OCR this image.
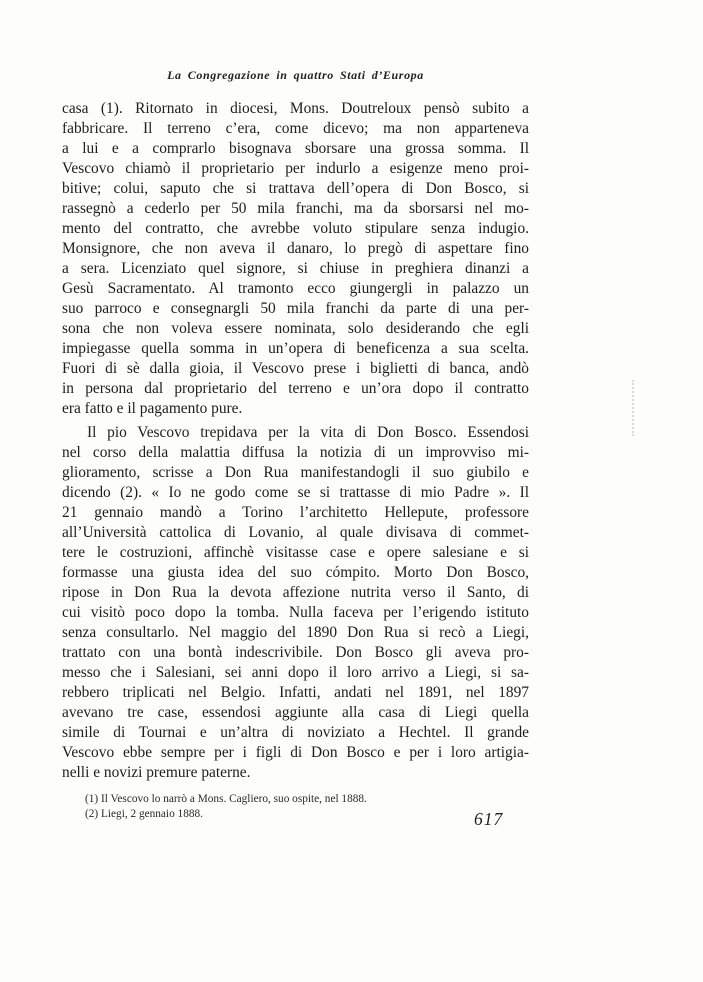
La Congregazione in quattro Stati d’Europa
casa (1). Ritornato in diocesi, Mons. Doutreloux pensò subito a
fabbricare. Il terreno c’era, come dicevo; ma non apparteneva
a lui e a comprarlo bisognava sborsare una grossa somma. Il
Vescovo chiamò il proprietario per indurlo a esigenze meno proi-
bitive; colui, saputo che si trattava dell’opera di Don Bosco, si
rassegnò a cederlo per 50 mila franchi, ma da sborsarsi nel mo-
mento del contratto, che avrebbe voluto stipulare senza indugio.
Monsignore, che non aveva il danaro, lo pregò di aspettare fino
a sera. Licenziato quel signore, si chiuse in preghiera dinanzi a
Gesù Sacramentato. Al tramonto ecco giungergli in palazzo un
suo parroco e consegnargli 50 mila franchi da parte di una per-
sona che non voleva essere nominata, solo desiderando che egli
impiegasse quella somma in un’opera di beneficenza a sua scelta.
Fuori di sè dalla gioia, il Vescovo prese i biglietti di banca, andò
in persona dal proprietario del terreno e un’ora dopo il contratto
era fatto e il pagamento pure.
Il pio Vescovo trepidava per la vita di Don Bosco. Essendosi
nel corso della malattia diffusa la notizia di un improvviso mi-
glioramento, scrisse a Don Rua manifestandogli il suo giubilo e
dicendo (2). « Io ne godo come se si trattasse di mio Padre ». Il
21 gennaio mandò a Torino l’architetto Hellepute, professore
all’Università cattolica di Lovanio, al quale divisava di commet-
tere le costruzioni, affinchè visitasse case e opere salesiane e si
formasse una giusta idea del suo cómpito. Morto Don Bosco,
ripose in Don Rua la devota affezione nutrita verso il Santo, di
cui visitò poco dopo la tomba. Nulla faceva per l’erigendo istituto
senza consultarlo. Nel maggio del 1890 Don Rua si recò a Liegi,
trattato con una bontà indescrivibile. Don Bosco gli aveva pro-
messo che i Salesiani, sei anni dopo il loro arrivo a Liegi, si sa-
rebbero triplicati nel Belgio. Infatti, andati nel 1891, nel 1897
avevano tre case, essendosi aggiunte alla casa di Liegi quella
simile di Tournai e un’altra di noviziato a Hechtel. Il grande
Vescovo ebbe sempre per i figli di Don Bosco e per i loro artigia-
nelli e novizi premure paterne.
(1) Il Vescovo lo narrò a Mons. Cagliero, suo ospite, nel 1888.
(2) Liegi, 2 gennaio 1888.	617
